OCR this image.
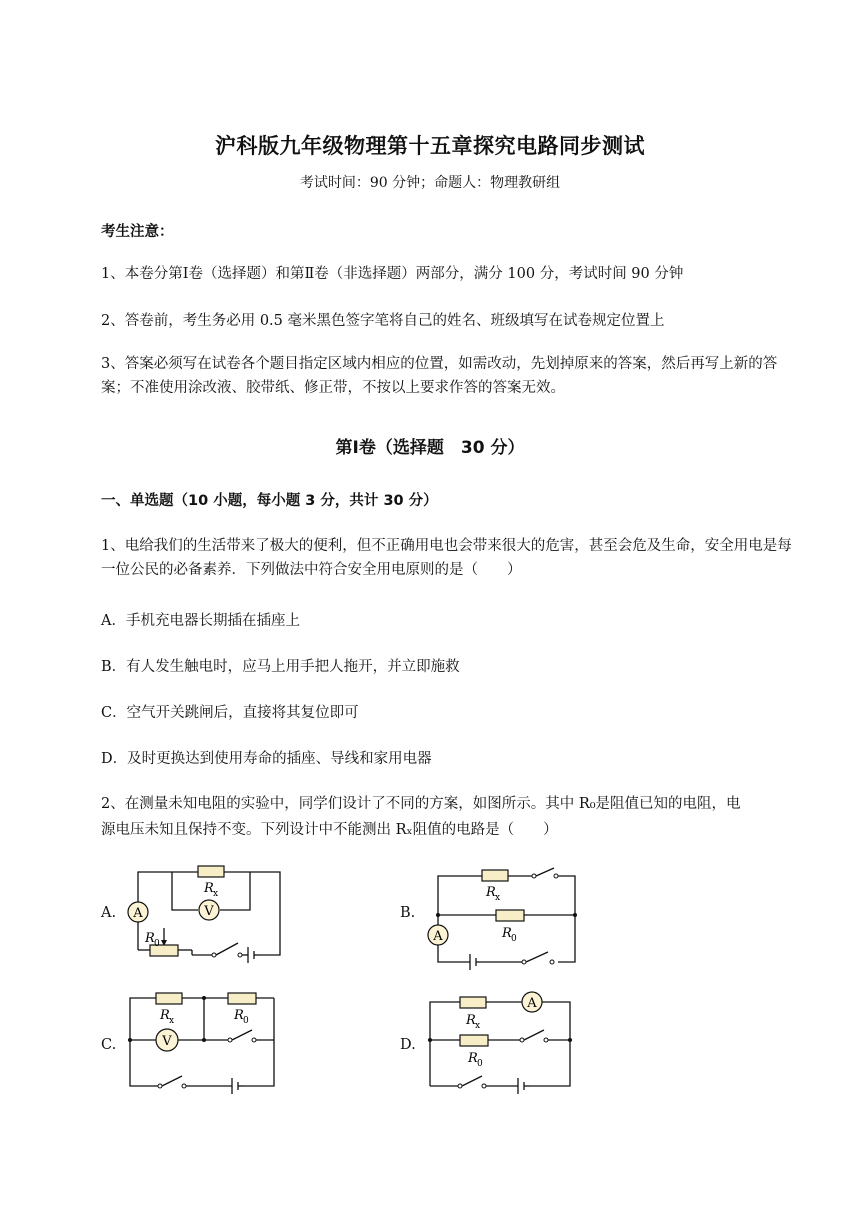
沪科版九年级物理第十五章探究电路同步测试
考试时间：90 分钟；命题人：物理教研组
考生注意：
1、本卷分第Ⅰ卷（选择题）和第Ⅱ卷（非选择题）两部分，满分 100 分，考试时间 90 分钟
2、答卷前，考生务必用 0.5 毫米黑色签字笔将自己的姓名、班级填写在试卷规定位置上
3、答案必须写在试卷各个题目指定区域内相应的位置，如需改动，先划掉原来的答案，然后再写上新的答案；不准使用涂改液、胶带纸、修正带，不按以上要求作答的答案无效。
第Ⅰ卷（选择题　30 分）
一、单选题（10 小题，每小题 3 分，共计 30 分）
1、电给我们的生活带来了极大的便利，但不正确用电也会带来很大的危害，甚至会危及生命，安全用电是每一位公民的必备素养．下列做法中符合安全用电原则的是（　　）
A．手机充电器长期插在插座上
B．有人发生触电时，应马上用手把人拖开，并立即施救
C．空气开关跳闸后，直接将其复位即可
D．及时更换达到使用寿命的插座、导线和家用电器
2、在测量未知电阻的实验中，同学们设计了不同的方案，如图所示。其中 R₀是阻值已知的电阻，电
源电压未知且保持不变。下列设计中不能测出 Rₓ阻值的电路是（　　）
A.	B.
C.	D.
A	V
R x
R 0	A
R x
R 0
V
R x	R 0
A
R x
R 0
